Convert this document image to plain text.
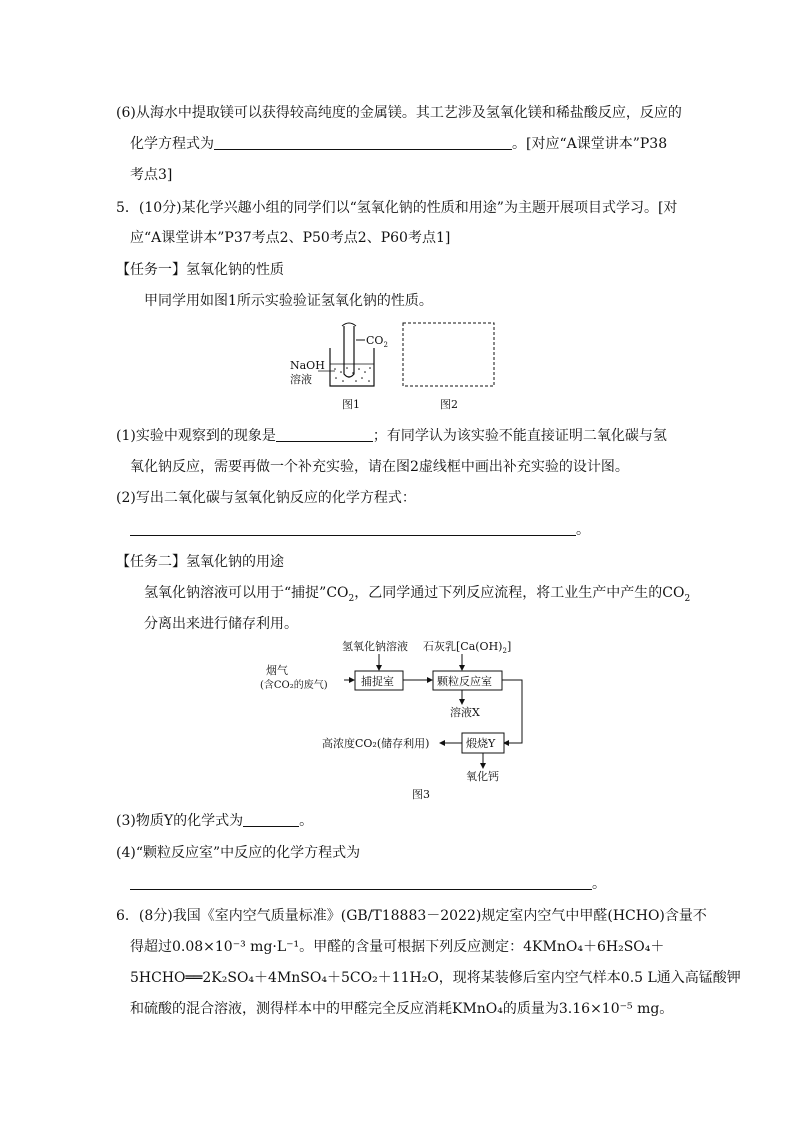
(6)从海水中提取镁可以获得较高纯度的金属镁。其工艺涉及氢氧化镁和稀盐酸反应，反应的
化学方程式为	。[对应“A课堂讲本”P38
考点3]
5．(10分)某化学兴趣小组的同学们以“氢氧化钠的性质和用途”为主题开展项目式学习。[对
应“A课堂讲本”P37考点2、P50考点2、P60考点1]
【任务一】氢氧化钠的性质
甲同学用如图1所示实验验证氢氧化钠的性质。
$CO_2$
NaOH
溶液
图1	图2
(1)实验中观察到的现象是	；有同学认为该实验不能直接证明二氧化碳与氢
氧化钠反应，需要再做一个补充实验，请在图2虚线框中画出补充实验的设计图。
(2)写出二氧化碳与氢氧化钠反应的化学方程式：
。
【任务二】氢氧化钠的用途
氢氧化钠溶液可以用于“捕捉$”CO_2$，乙同学通过下列反应流程，将工业生产中产生的$CO_2$
分离出来进行储存利用。
氢氧化钠溶液 石灰乳$[Ca(OH)_2]$
烟气
(含CO₂的废气)	捕捉室	颗粒反应室
溶液X
煅烧Y
高浓度CO₂(储存利用)
氧化钙
图3
(3)物质Y的化学式为	。
(4)“颗粒反应室”中反应的化学方程式为
。
6．(8分)我国《室内空气质量标准》(GB/T18883－2022)规定室内空气中甲醛(HCHO)含量不
得超过0.08×10⁻³ mg·L⁻¹。甲醛的含量可根据下列反应测定：4KMnO₄＋6H₂SO₄＋
5HCHO══2K₂SO₄＋4MnSO₄＋5CO₂＋11H₂O，现将某装修后室内空气样本0.5 L通入高锰酸钾
和硫酸的混合溶液，测得样本中的甲醛完全反应消耗KMnO₄的质量为3.16×10⁻⁵ mg。
